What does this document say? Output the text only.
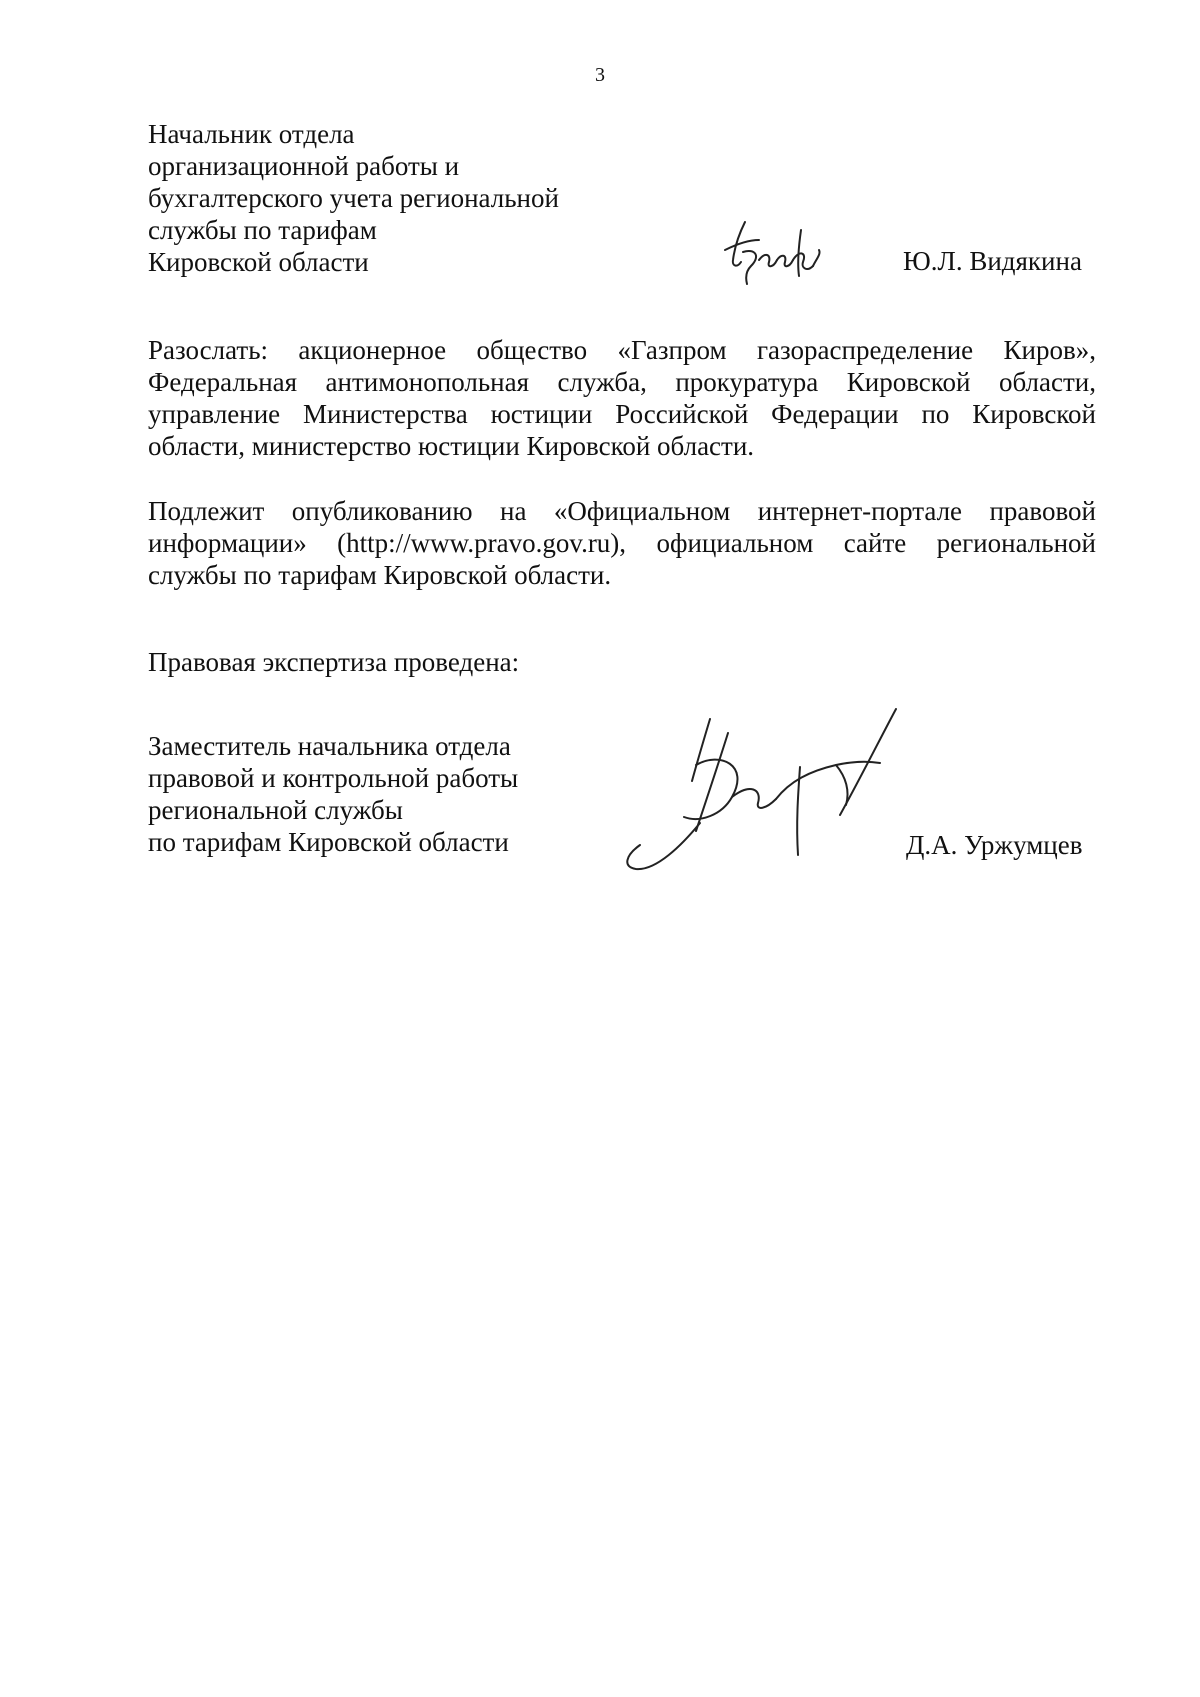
3
Начальник отдела
организационной работы и
бухгалтерского учета региональной
службы по тарифам
Кировской области	Ю.Л. Видякина
Разослать: акционерное общество «Газпром газораспределение Киров»,
Федеральная антимонопольная служба, прокуратура Кировской области,
управление Министерства юстиции Российской Федерации по Кировской
области, министерство юстиции Кировской области.
Подлежит опубликованию на «Официальном интернет-портале правовой
информации» (http://www.pravo.gov.ru), официальном сайте региональной
службы по тарифам Кировской области.
Правовая экспертиза проведена:
Заместитель начальника отдела
правовой и контрольной работы
региональной службы
по тарифам Кировской области	Д.А. Уржумцев
